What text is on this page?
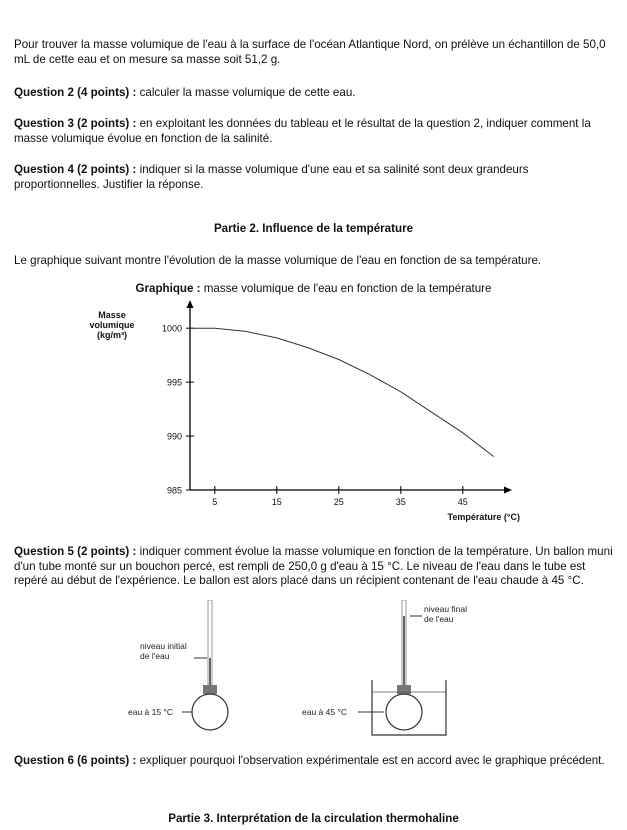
Pour trouver la masse volumique de l'eau à la surface de l'océan Atlantique Nord, on prélève un échantillon de 50,0 mL de cette eau et on mesure sa masse soit 51,2 g.

Question 2 (4 points) : calculer la masse volumique de cette eau.

Question 3 (2 points) : en exploitant les données du tableau et le résultat de la question 2, indiquer comment la masse volumique évolue en fonction de la salinité.

Question 4 (2 points) : indiquer si la masse volumique d'une eau et sa salinité sont deux grandeurs proportionnelles. Justifier la réponse.

Partie 2. Influence de la température

Le graphique suivant montre l'évolution de la masse volumique de l'eau en fonction de sa température.

Graphique : masse volumique de l'eau en fonction de la température
1000
995
990
985
5	15	25	35	45
Masse
volumique
(kg/m³)
Température (°C)

Question 5 (2 points) : indiquer comment évolue la masse volumique en fonction de la température. Un ballon muni d'un tube monté sur un bouchon percé, est rempli de 250,0 g d'eau à 15 °C. Le niveau de l'eau dans le tube est repéré au début de l'expérience. Le ballon est alors placé dans un récipient contenant de l'eau chaude à 45 °C.

niveau initial
de l'eau
eau à 15 °C
niveau final
de l'eau
eau à 45 °C

Question 6 (6 points) : expliquer pourquoi l'observation expérimentale est en accord avec le graphique précédent.

Partie 3. Interprétation de la circulation thermohaline
